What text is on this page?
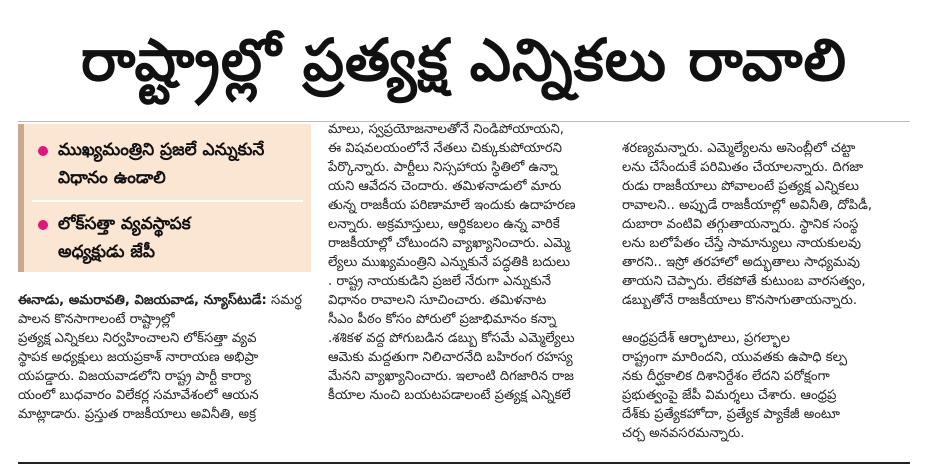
రాష్ట్రాల్లో ప్రత్యక్ష ఎన్నికలు రావాలి
ముఖ్యమంత్రిని ప్రజలే ఎన్నుకునే
విధానం ఉండాలి
లోక్‌సత్తా వ్యవస్థాపక
అధ్యక్షుడు జేపీ
ఈనాడు, అమరావతి, విజయవాడ, న్యూస్‌టుడే: సమర్థ పాలన కొనసాగాలంటే రాష్ట్రాల్లో
ప్రత్యక్ష ఎన్నికలు నిర్వహించాలని లోక్‌సత్తా వ్యవ
స్థాపక అధ్యక్షులు జయప్రకాశ్‌ నారాయణ అభిప్రా
యపడ్డారు. విజయవాడలోని రాష్ట్ర పార్టీ కార్యా
యంలో బుధవారం విలేకర్ల సమావేశంలో ఆయన
మాట్లాడారు. ప్రస్తుత రాజకీయాలు అవినీతి, అక్ర
మాలు, స్వప్రయోజనాలతోనే నిండిపోయాయని,
ఈ విషవలయంలోనే నేతలు చిక్కుకుపోయారని
పేర్కొన్నారు. పార్టీలు నిస్సహాయ స్థితిలో ఉన్నా
యని ఆవేదన చెందారు. తమిళనాడులో మారు
తున్న రాజకీయ పరిణామాలే ఇందుకు ఉదాహరణ
లన్నారు. అక్రమాస్తులు, ఆర్థికబలం ఉన్న వారికే
రాజకీయాల్లో చోటుందని వ్యాఖ్యానించారు. ఎమ్మె
ల్యేలు ముఖ్యమంత్రిని ఎన్నుకునే పద్ధతికి బదులు
. రాష్ట్ర నాయకుడిని ప్రజలే నేరుగా ఎన్నుకునే
విధానం రావాలని సూచించారు. తమిళనాట
సీఎం పీఠం కోసం పోరులో ప్రజాభిమానం కన్నా
.శశికళ వద్ద పోగుబడిన డబ్బు కోసమే ఎమ్మెల్యేలు
ఆమెకు మద్దతుగా నిలిచారనేది బహిరంగ రహస్య
మేనని వ్యాఖ్యానించారు. ఇలాంటి దిగజారిన రాజ
కీయాల నుంచి బయటపడాలంటే ప్రత్యక్ష ఎన్నికలే

శరణ్యమన్నారు. ఎమ్మెల్యేలను అసెంబ్లీలో చట్టా
లను చేసేందుకే పరిమితం చేయాలన్నారు. దిగజా
రుడు రాజకీయాలు పోవాలంటే ప్రత్యక్ష ఎన్నికలు
రావాలని.. అప్పుడే రాజకీయాల్లో అవినీతి, దోపిడీ,
దుబారా వంటివి తగ్గుతాయన్నారు. స్థానిక సంస్థ
లను బలోపేతం చేస్తే సామాన్యులు నాయకులవు
తారని.. ఇస్రో తరహాలో అద్భుతాలు సాధ్యమవు
తాయని చెప్పారు. లేకపోతే కుటుంబ వారసత్వం,
డబ్బుతోనే రాజకీయాలు కొనసాగుతాయన్నారు.

ఆంధ్రప్రదేశ్‌ ఆర్భాటాలు, ప్రగల్భాల
రాష్ట్రంగా మారిందని, యువతకు ఉపాధి కల్ప
నకు దీర్ఘకాలిక దిశానిర్దేశం లేదని పరోక్షంగా
ప్రభుత్వంపై జేపీ విమర్శలు చేశారు. ఆంధ్రప్ర
దేశ్‌కు ప్రత్యేకహోదా, ప్రత్యేక ప్యాకేజీ అంటూ
చర్చ అనవసరమన్నారు.
